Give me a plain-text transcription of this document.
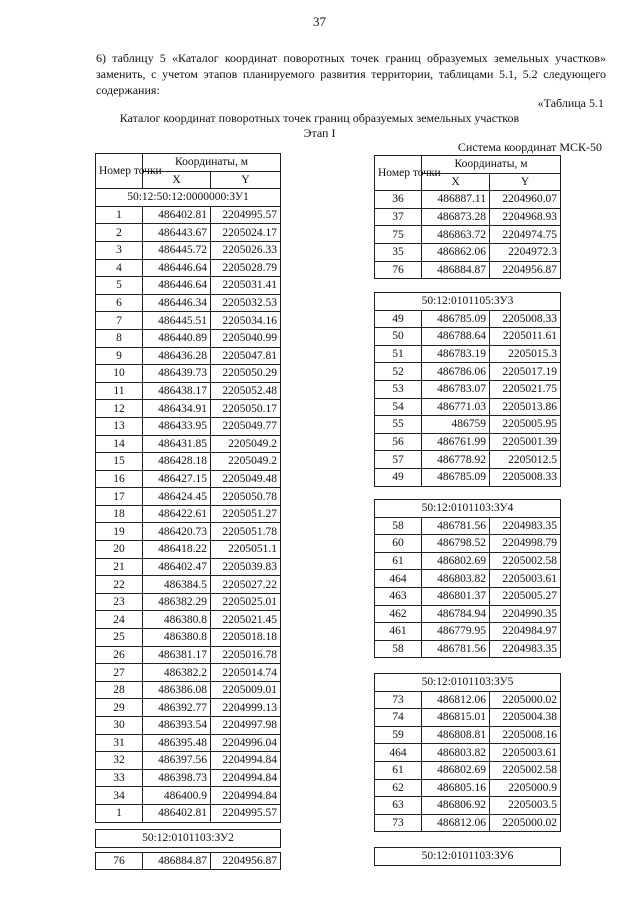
37
6) таблицу 5 «Каталог координат поворотных точек границ образуемых земельных участков» заменить, с учетом этапов планируемого развития территории, таблицами 5.1, 5.2 следующего содержания:
«Таблица 5.1
Каталог координат поворотных точек границ образуемых земельных участков
Этап I
Система координат МСК-50
Номер точки	Координаты, м	
	X	Y
50:12:50:12:0000000:ЗУ1		
1	486402.81	2204995.57
2	486443.67	2205024.17
3	486445.72	2205026.33
4	486446.64	2205028.79
5	486446.64	2205031.41
6	486446.34	2205032.53
7	486445.51	2205034.16
8	486440.89	2205040.99
9	486436.28	2205047.81
10	486439.73	2205050.29
11	486438.17	2205052.48
12	486434.91	2205050.17
13	486433.95	2205049.77
14	486431.85	2205049.2
15	486428.18	2205049.2
16	486427.15	2205049.48
17	486424.45	2205050.78
18	486422.61	2205051.27
19	486420.73	2205051.78
20	486418.22	2205051.1
21	486402.47	2205039.83
22	486384.5	2205027.22
23	486382.29	2205025.01
24	486380.8	2205021.45
25	486380.8	2205018.18
26	486381.17	2205016.78
27	486382.2	2205014.74
28	486386.08	2205009.01
29	486392.77	2204999.13
30	486393.54	2204997.98
31	486395.48	2204996.04
32	486397.56	2204994.84
33	486398.73	2204994.84
34	486400.9	2204994.84
1	486402.81	2204995.57
50:12:0101103:ЗУ2

76	486884.87	2204956.87
Номер точки	Координаты, м	
	X	Y
36	486887.11	2204960.07
37	486873.28	2204968.93
75	486863.72	2204974.75
35	486862.06	2204972.3
76	486884.87	2204956.87
50:12:0101105:ЗУ3		
49	486785.09	2205008.33
50	486788.64	2205011.61
51	486783.19	2205015.3
52	486786.06	2205017.19
53	486783.07	2205021.75
54	486771.03	2205013.86
55	486759	2205005.95
56	486761.99	2205001.39
57	486778.92	2205012.5
49	486785.09	2205008.33
50:12:0101103:ЗУ4		
58	486781.56	2204983.35
60	486798.52	2204998.79
61	486802.69	2205002.58
464	486803.82	2205003.61
463	486801.37	2205005.27
462	486784.94	2204990.35
461	486779.95	2204984.97
58	486781.56	2204983.35
50:12:0101103:ЗУ5		
73	486812.06	2205000.02
74	486815.01	2205004.38
59	486808.81	2205008.16
464	486803.82	2205003.61
61	486802.69	2205002.58
62	486805.16	2205000.9
63	486806.92	2205003.5
73	486812.06	2205000.02
50:12:0101103:ЗУ6
